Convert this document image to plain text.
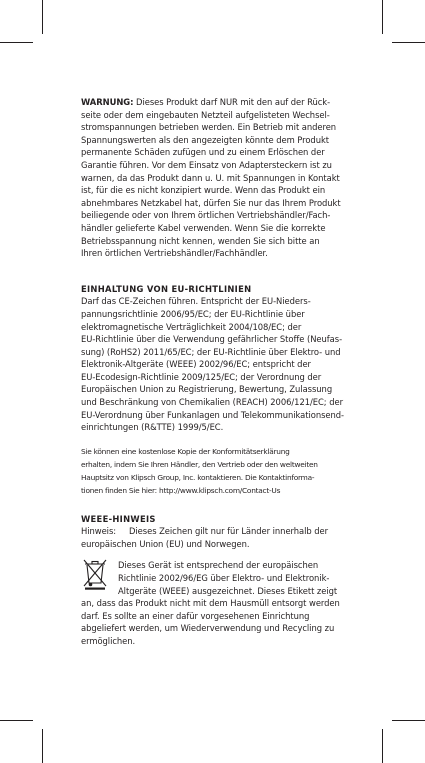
WARNUNG: Dieses Produkt darf NUR mit den auf der Rück-
seite oder dem eingebauten Netzteil aufgelisteten Wechsel-
stromspannungen betrieben werden. Ein Betrieb mit anderen
Spannungswerten als den angezeigten könnte dem Produkt
permanente Schäden zufügen und zu einem Erlöschen der
Garantie führen. Vor dem Einsatz von Adaptersteckern ist zu
warnen, da das Produkt dann u. U. mit Spannungen in Kontakt
ist, für die es nicht konzipiert wurde. Wenn das Produkt ein
abnehmbares Netzkabel hat, dürfen Sie nur das Ihrem Produkt
beiliegende oder von Ihrem örtlichen Vertriebshändler/Fach-
händler gelieferte Kabel verwenden. Wenn Sie die korrekte
Betriebsspannung nicht kennen, wenden Sie sich bitte an
Ihren örtlichen Vertriebshändler/Fachhändler.
EINHALTUNG VON EU-RICHTLINIEN
Darf das CE-Zeichen führen. Entspricht der EU-Nieders-
pannungsrichtlinie 2006/95/EC; der EU-Richtlinie über
elektromagnetische Verträglichkeit 2004/108/EC; der
EU-Richtlinie über die Verwendung gefährlicher Stoffe (Neufas-
sung) (RoHS2) 2011/65/EC; der EU-Richtlinie über Elektro- und
Elektronik-Altgeräte (WEEE) 2002/96/EC; entspricht der
EU-Ecodesign-Richtlinie 2009/125/EC; der Verordnung der
Europäischen Union zu Registrierung, Bewertung, Zulassung
und Beschränkung von Chemikalien (REACH) 2006/121/EC; der
EU-Verordnung über Funkanlagen und Telekommunikationsend-
einrichtungen (R&TTE) 1999/5/EC.
Sie können eine kostenlose Kopie der Konformitätserklärung
erhalten, indem Sie Ihren Händler, den Vertrieb oder den weltweiten
Hauptsitz von Klipsch Group, Inc. kontaktieren. Die Kontaktinforma-
tionen finden Sie hier: http://www.klipsch.com/Contact-Us
WEEE-HINWEIS
Hinweis: Dieses Zeichen gilt nur für Länder innerhalb der
europäischen Union (EU) und Norwegen.
Dieses Gerät ist entsprechend der europäischen
Richtlinie 2002/96/EG über Elektro- und Elektronik-
Altgeräte (WEEE) ausgezeichnet. Dieses Etikett zeigt
an, dass das Produkt nicht mit dem Hausmüll entsorgt werden
darf. Es sollte an einer dafür vorgesehenen Einrichtung
abgeliefert werden, um Wiederverwendung und Recycling zu
ermöglichen.
